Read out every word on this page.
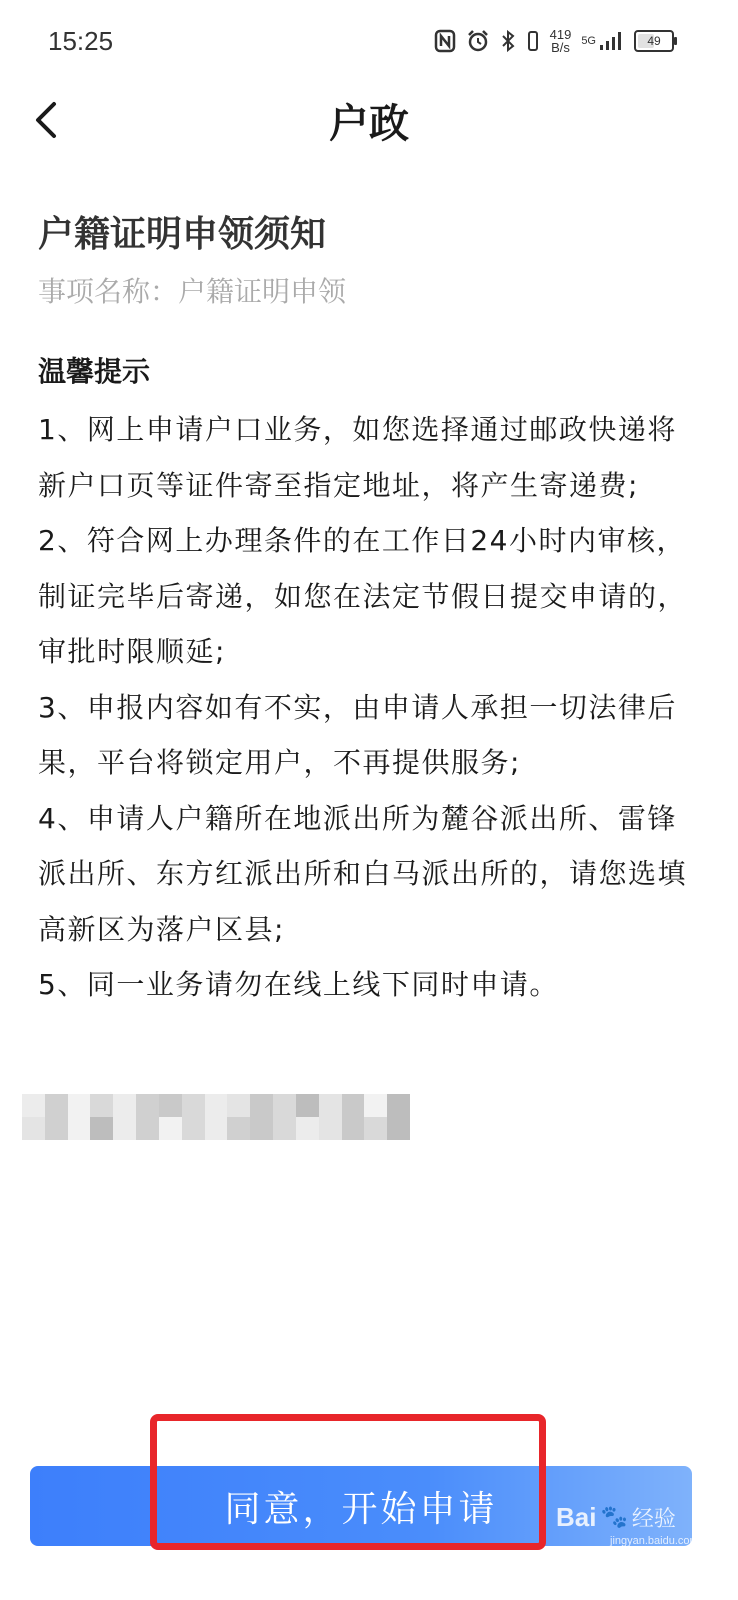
15:25	419
B/s 5G	49
户政
户籍证明申领须知
事项名称：户籍证明申领
温馨提示
1、网上申请户口业务，如您选择通过邮政快递将新户口页等证件寄至指定地址，将产生寄递费;
2、符合网上办理条件的在工作日24小时内审核，制证完毕后寄递，如您在法定节假日提交申请的，审批时限顺延;
3、申报内容如有不实，由申请人承担一切法律后果，平台将锁定用户，不再提供服务;
4、申请人户籍所在地派出所为麓谷派出所、雷锋派出所、东方红派出所和白马派出所的，请您选填高新区为落户区县;
5、同一业务请勿在线上线下同时申请。
同意，开始申请 Bai 🐾 经验
jingyan.baidu.com
